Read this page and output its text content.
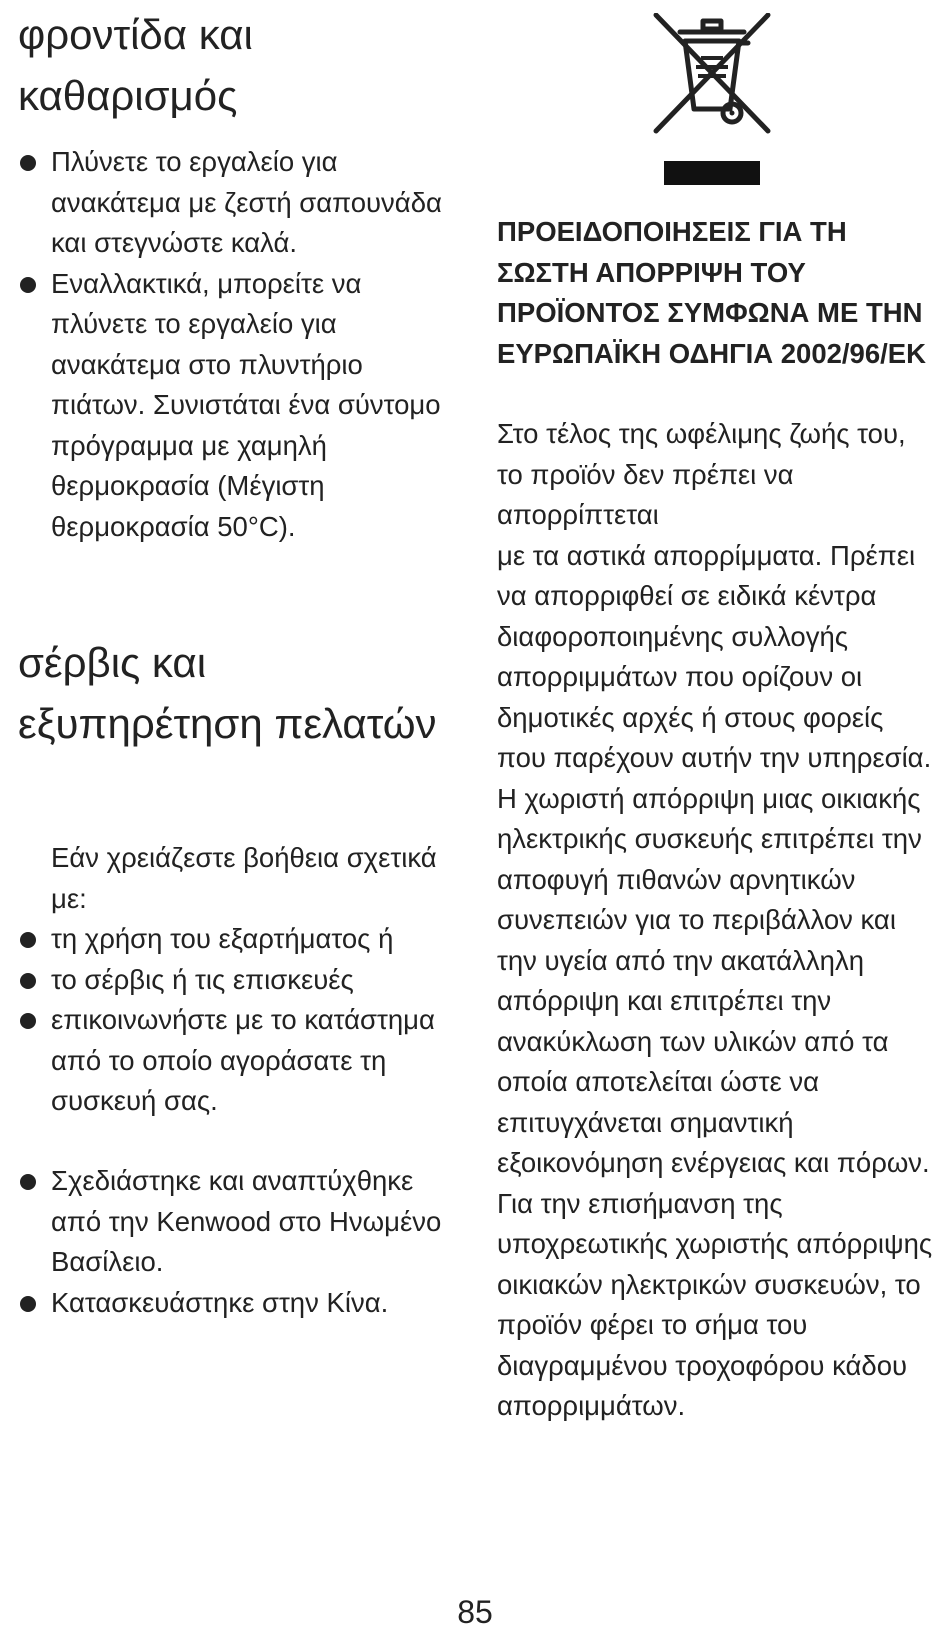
φροντίδα και καθαρισμός
Πλύνετε το εργαλείο για ανακάτεμα με ζεστή σαπουνάδα και στεγνώστε καλά.
Εναλλακτικά, μπορείτε να πλύνετε το εργαλείο για ανακάτεμα στο πλυντήριο πιάτων. Συνιστάται ένα σύντομο πρόγραμμα με χαμηλή θερμοκρασία (Μέγιστη θερμοκρασία 50°C).
σέρβις και εξυπηρέτηση πελατών

Εάν χρειάζεστε βοήθεια σχετικά με:

τη χρήση του εξαρτήματος ή
το σέρβις ή τις επισκευές
επικοινωνήστε με το κατάστημα από το οποίο αγοράσατε τη συσκευή σας.
Σχεδιάστηκε και αναπτύχθηκε από την Kenwood στο Ηνωμένο Βασίλειο.
Κατασκευάστηκε στην Κίνα.

ΠΡΟΕΙΔΟΠΟΙΗΣΕΙΣ ΓΙΑ ΤΗ ΣΩΣΤΗ ΑΠΟΡΡΙΨΗ ΤΟΥ ΠΡΟΪΟΝΤΟΣ ΣΥΜΦΩΝΑ ΜΕ ΤΗΝ ΕΥΡΩΠΑΪΚΗ ΟΔΗΓΙΑ 2002/96/ΕΚ

Στο τέλος της ωφέλιμης ζωής του, το προϊόν δεν πρέπει να απορρίπτεται
με τα αστικά απορρίμματα. Πρέπει να απορριφθεί σε ειδικά κέντρα διαφοροποιημένης συλλογής απορριμμάτων που ορίζουν οι δημοτικές αρχές ή στους φορείς που παρέχουν αυτήν την υπηρεσία. Η χωριστή απόρριψη μιας οικιακής ηλεκτρικής συσκευής επιτρέπει την αποφυγή πιθανών αρνητικών συνεπειών για το περιβάλλον και την υγεία από την ακατάλληλη απόρριψη και επιτρέπει την ανακύκλωση των υλικών από τα οποία αποτελείται ώστε να επιτυγχάνεται σημαντική εξοικονόμηση ενέργειας και πόρων. Για την επισήμανση της υποχρεωτικής χωριστής απόρριψης οικιακών ηλεκτρικών συσκευών, το προϊόν φέρει το σήμα του διαγραμμένου τροχοφόρου κάδου απορριμμάτων.

85
